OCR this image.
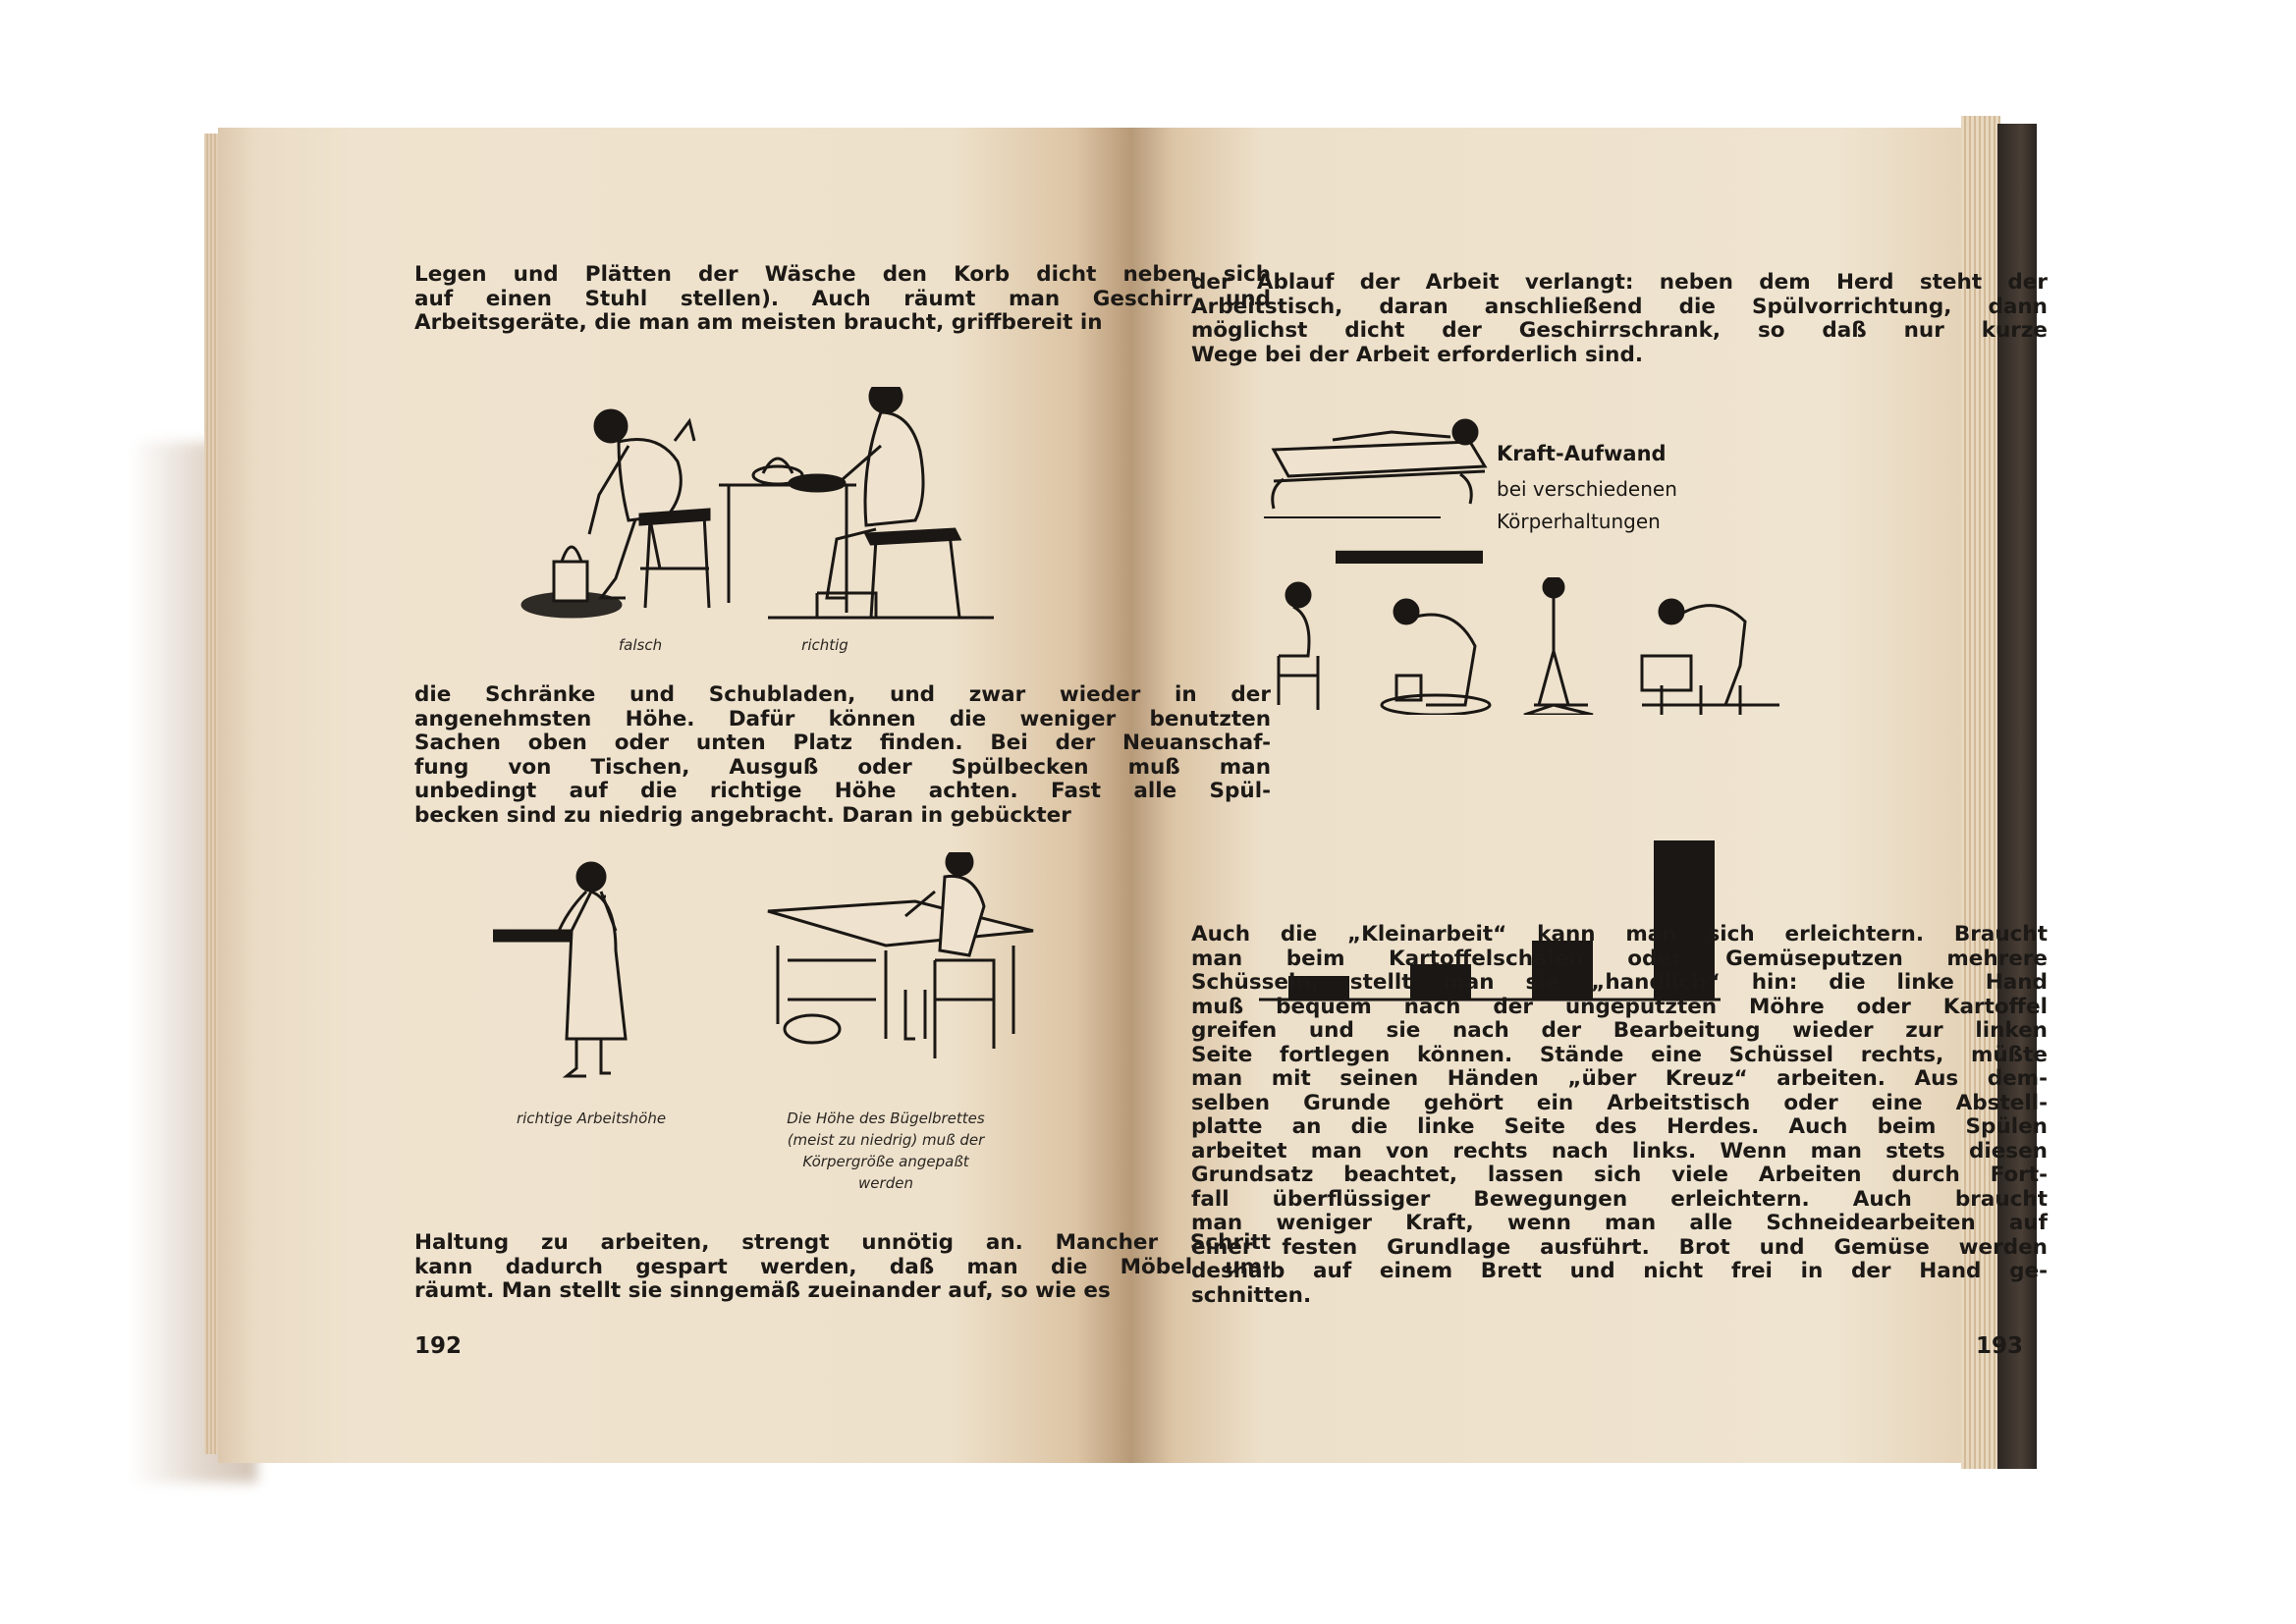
Legen und Plätten der Wäsche den Korb dicht neben sich
auf einen Stuhl stellen). Auch räumt man Geschirr und
Arbeitsgeräte, die man am meisten braucht, griffbereit in
falsch	richtig
die Schränke und Schubladen, und zwar wieder in der
angenehmsten Höhe. Dafür können die weniger benutzten
Sachen oben oder unten Platz finden. Bei der Neuanschaf-
fung von Tischen, Ausguß oder Spülbecken muß man
unbedingt auf die richtige Höhe achten. Fast alle Spül-
becken sind zu niedrig angebracht. Daran in gebückter
richtige Arbeitshöhe	Die Höhe des Bügelbrettes
(meist zu niedrig) muß der
Körpergröße angepaßt
werden
Haltung zu arbeiten, strengt unnötig an. Mancher Schritt
kann dadurch gespart werden, daß man die Möbel um-
räumt. Man stellt sie sinngemäß zueinander auf, so wie es
192
der Ablauf der Arbeit verlangt: neben dem Herd steht der
Arbeitstisch, daran anschließend die Spülvorrichtung, dann
möglichst dicht der Geschirrschrank, so daß nur kurze
Wege bei der Arbeit erforderlich sind.
Kraft-Aufwand
bei verschiedenen
Körperhaltungen
Auch die „Kleinarbeit“ kann man sich erleichtern. Braucht
man beim Kartoffelschälen oder Gemüseputzen mehrere
Schüsseln, stellt man sie „handlich“ hin: die linke Hand
muß bequem nach der ungeputzten Möhre oder Kartoffel
greifen und sie nach der Bearbeitung wieder zur linken
Seite fortlegen können. Stände eine Schüssel rechts, müßte
man mit seinen Händen „über Kreuz“ arbeiten. Aus dem-
selben Grunde gehört ein Arbeitstisch oder eine Abstell-
platte an die linke Seite des Herdes. Auch beim Spülen
arbeitet man von rechts nach links. Wenn man stets diesen
Grundsatz beachtet, lassen sich viele Arbeiten durch Fort-
fall überflüssiger Bewegungen erleichtern. Auch braucht
man weniger Kraft, wenn man alle Schneidearbeiten auf
einer festen Grundlage ausführt. Brot und Gemüse werden
deshalb auf einem Brett und nicht frei in der Hand ge-
schnitten.
193
